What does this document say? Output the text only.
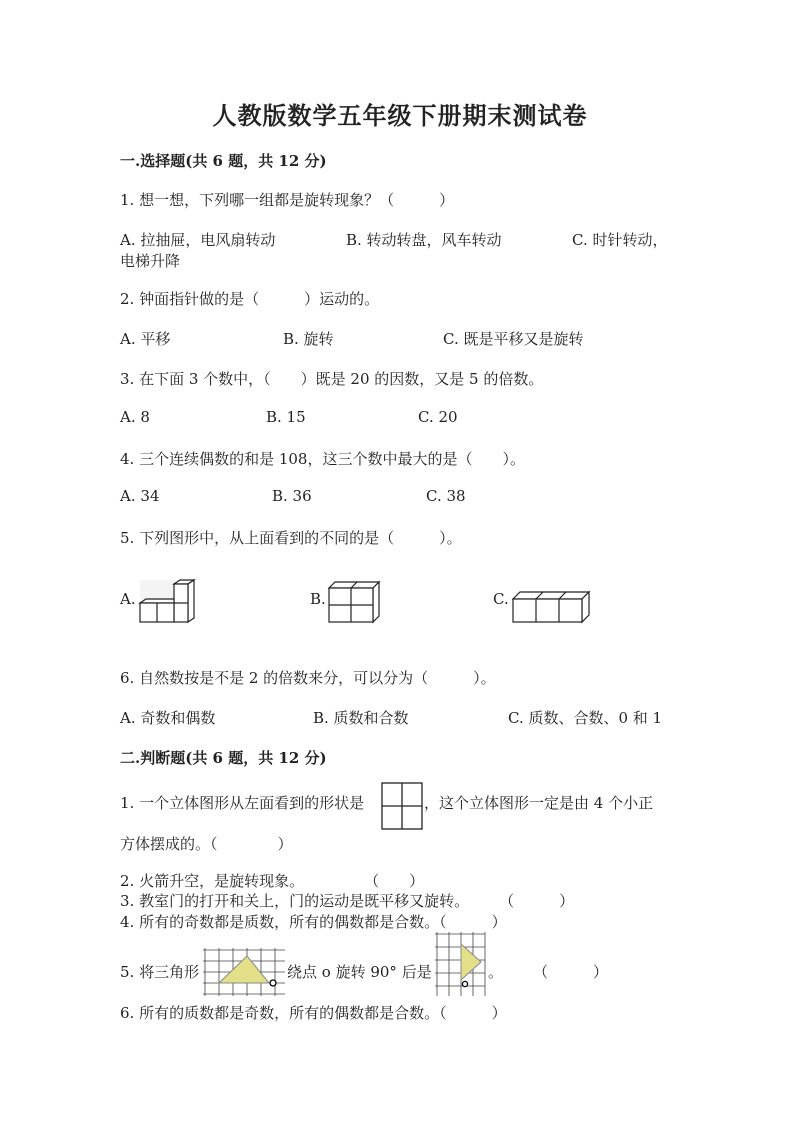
人教版数学五年级下册期末测试卷
一.选择题(共 6 题，共 12 分)
1. 想一想，下列哪一组都是旋转现象？（　　　）
A. 拉抽屉，电风扇转动	B. 转动转盘，风车转动	C. 时针转动，
电梯升降
2. 钟面指针做的是（　　　）运动的。
A. 平移	B. 旋转	C. 既是平移又是旋转
3. 在下面 3 个数中，（　　）既是 20 的因数，又是 5 的倍数。
A. 8	B. 15	C. 20
4. 三个连续偶数的和是 108，这三个数中最大的是（　　）。
A. 34	B. 36	C. 38
5. 下列图形中，从上面看到的不同的是（　　　）。
A.	B.	C.
6. 自然数按是不是 2 的倍数来分，可以分为（　　　）。
A. 奇数和偶数	B. 质数和合数	C. 质数、合数、0 和 1
二.判断题(共 6 题，共 12 分)
1. 一个立体图形从左面看到的形状是	，这个立体图形一定是由 4 个小正
方体摆成的。（　　　　）
2. 火箭升空，是旋转现象。　　　　　（　　）
3. 教室门的打开和关上，门的运动是既平移又旋转。　　　（　　　）
4. 所有的奇数都是质数，所有的偶数都是合数。（　　　）
5. 将三角形	绕点 o 旋转 90° 后是	。　　　（　　　）
6. 所有的质数都是奇数，所有的偶数都是合数。（　　　）
